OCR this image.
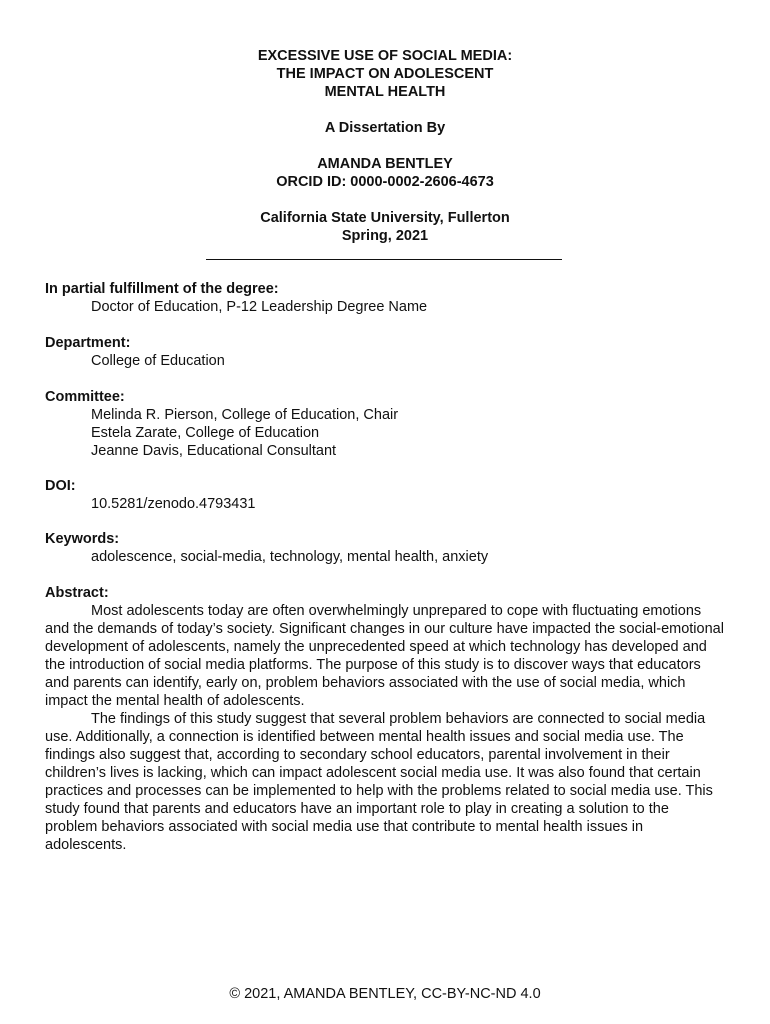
EXCESSIVE USE OF SOCIAL MEDIA:
THE IMPACT ON ADOLESCENT
MENTAL HEALTH
A Dissertation By
AMANDA BENTLEY
ORCID ID: 0000-0002-2606-4673
California State University, Fullerton
Spring, 2021
In partial fulfillment of the degree:
Doctor of Education, P-12 Leadership Degree Name
Department:
College of Education
Committee:
Melinda R. Pierson, College of Education, Chair
Estela Zarate, College of Education
Jeanne Davis, Educational Consultant
DOI:
10.5281/zenodo.4793431
Keywords:
adolescence, social-media, technology, mental health, anxiety
Abstract:

Most adolescents today are often overwhelmingly unprepared to cope with fluctuating emotions and the demands of today’s society. Significant changes in our culture have impacted the social-emotional development of adolescents, namely the unprecedented speed at which technology has developed and the introduction of social media platforms. The purpose of this study is to discover ways that educators and parents can identify, early on, problem behaviors associated with the use of social media, which impact the mental health of adolescents.

The findings of this study suggest that several problem behaviors are connected to social media use. Additionally, a connection is identified between mental health issues and social media use. The findings also suggest that, according to secondary school educators, parental involvement in their children’s lives is lacking, which can impact adolescent social media use. It was also found that certain practices and processes can be implemented to help with the problems related to social media use. This study found that parents and educators have an important role to play in creating a solution to the problem behaviors associated with social media use that contribute to mental health issues in adolescents.

© 2021, AMANDA BENTLEY, CC-BY-NC-ND 4.0
